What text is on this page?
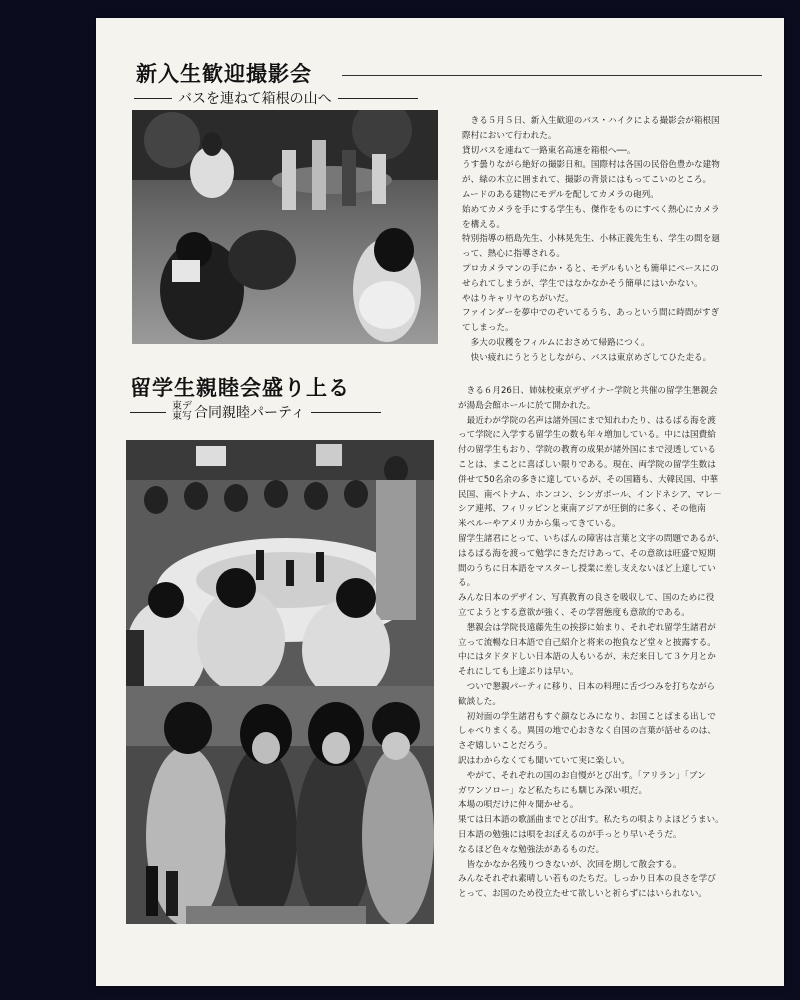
新入生歓迎撮影会
バスを連ねて箱根の山へ
　きる５月５日、新入生歓迎のバス・ハイクによる撮影会が箱根国
際村において行われた。
貸切バスを連ねて一路東名高速を箱根へ──。
うす曇りながら絶好の撮影日和。国際村は各国の民俗色豊かな建物
が、緑の木立に囲まれて、撮影の背景にはもってこいのところ。
ムードのある建物にモデルを配してカメラの砲列。
始めてカメラを手にする学生も、傑作をものにすべく熱心にカメラ
を構える。
特別指導の梧島先生、小林晃先生、小林正義先生も、学生の間を廻
って、熱心に指導される。
プロカメラマンの手にか・ると、モデルもいとも簡単にペースにの
せられてしまうが、学生ではなかなかそう簡単にはいかない。
やはりキャリヤのちがいだ。
ファインダーを夢中でのぞいてるうち、あっという間に時間がすぎ
てしまった。
　多大の収穫をフィルムにおさめて帰路につく。
　快い疲れにうとうとしながら、バスは東京めざしてひた走る。
留学生親睦会盛り上る
東デ
東写 合同親睦パーティ
　きる６月26日、姉妹校東京デザイナー学院と共催の留学生懇親会
が湯島会館ホールに於て開かれた。
　最近わが学院の名声は諸外国にまで知れわたり、はるばる海を渡
って学院に入学する留学生の数も年々増加している。中には国費給
付の留学生もおり、学院の教育の成果が諸外国にまで浸透している
ことは、まことに喜ばしい限りである。現在、両学院の留学生数は
併せて50名余の多きに達しているが、その国籍も、大韓民国、中華
民国、南ベトナム、ホンコン、シンガポール、インドネシア、マレ－
シア連邦、フィリッピンと東南アジアが圧倒的に多く、その他南
米ペルーやアメリカから集ってきている。
留学生諸君にとって、いちばんの障害は言葉と文字の問題であるが、
はるばる海を渡って勉学にきただけあって、その意欲は旺盛で短期
間のうちに日本語をマスターし授業に差し支えないほど上達してい
る。
みんな日本のデザイン、写真教育の良さを吸収して、国のために役
立てようとする意欲が強く、その学習態度も意欲的である。
　懇親会は学院長遠藤先生の挨拶に始まり、それぞれ留学生諸君が
立って流暢な日本語で自己紹介と将来の抱負など堂々と披露する。
中にはタドタドしい日本語の人もいるが、未だ来日して３ケ月とか
それにしても上達ぶりは早い。
　ついで懇親パーティに移り、日本の料理に舌づつみを打ちながら
歓談した。
　初対面の学生諸君もすぐ顔なじみになり、お国ことばまる出しで
しゃべりまくる。異国の地で心おきなく自国の言葉が話せるのは、
さぞ嬉しいことだろう。
訳はわからなくても聞いていて実に楽しい。
　やがて、それぞれの国のお自慢がとび出す。「アリラン」「ブン
ガワンソロー」など私たちにも馴じみ深い唄だ。
本場の唄だけに仲々聞かせる。
果ては日本語の歌謡曲までとび出す。私たちの唄よりよほどうまい。
日本語の勉強には唄をおぼえるのが手っとり早いそうだ。
なるほど色々な勉強法があるものだ。
　皆なかなか名残りつきないが、次回を期して散会する。
みんなそれぞれ素晴しい若ものたちだ。しっかり日本の良さを学び
とって、お国のため役立たせて欲しいと祈らずにはいられない。
